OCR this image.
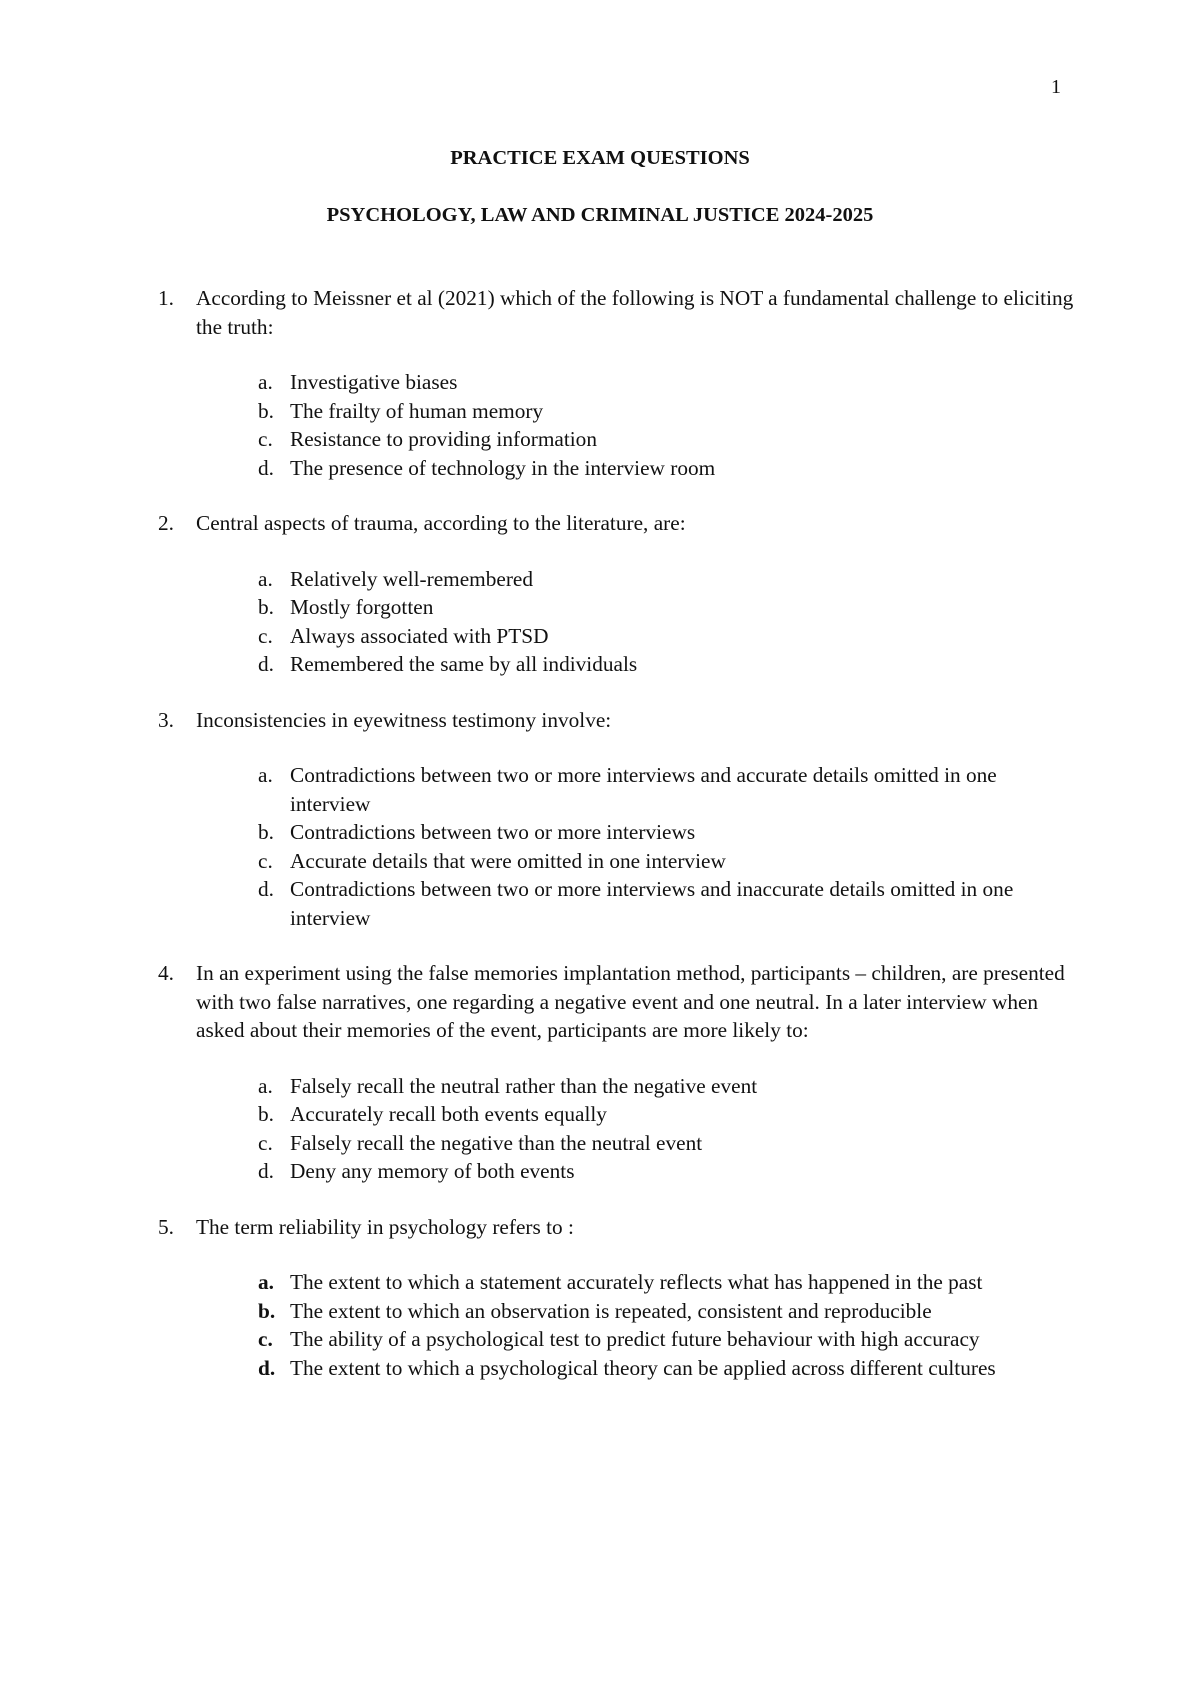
1
PRACTICE EXAM QUESTIONS
PSYCHOLOGY, LAW AND CRIMINAL JUSTICE 2024-2025
1. According to Meissner et al (2021) which of the following is NOT a fundamental challenge to eliciting the truth:
a. Investigative biases
b. The frailty of human memory
c. Resistance to providing information
d. The presence of technology in the interview room
2. Central aspects of trauma, according to the literature, are:
a. Relatively well-remembered
b. Mostly forgotten
c. Always associated with PTSD
d. Remembered the same by all individuals
3. Inconsistencies in eyewitness testimony involve:
a. Contradictions between two or more interviews and accurate details omitted in one interview
b. Contradictions between two or more interviews
c. Accurate details that were omitted in one interview
d. Contradictions between two or more interviews and inaccurate details omitted in one interview
4. In an experiment using the false memories implantation method, participants – children, are presented with two false narratives, one regarding a negative event and one neutral. In a later interview when asked about their memories of the event, participants are more likely to:
a. Falsely recall the neutral rather than the negative event
b. Accurately recall both events equally
c. Falsely recall the negative than the neutral event
d. Deny any memory of both events
5. The term reliability in psychology refers to :
a. The extent to which a statement accurately reflects what has happened in the past
b. The extent to which an observation is repeated, consistent and reproducible
c. The ability of a psychological test to predict future behaviour with high accuracy
d. The extent to which a psychological theory can be applied across different cultures
